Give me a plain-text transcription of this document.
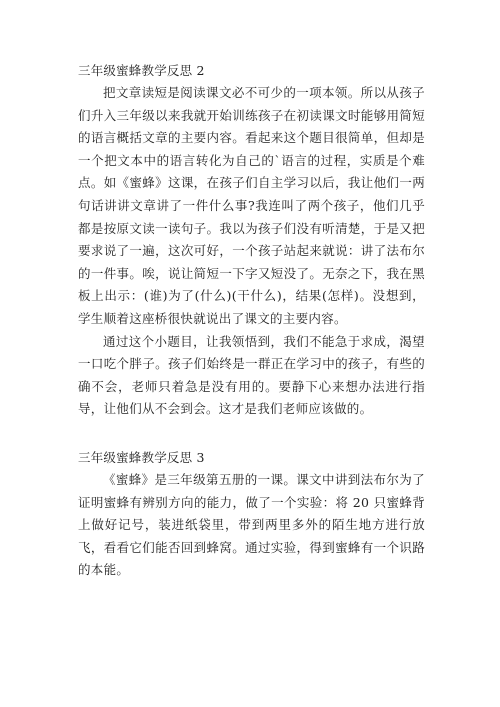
三年级蜜蜂教学反思 2

把文章读短是阅读课文必不可少的一项本领。所以从孩子们升入三年级以来我就开始训练孩子在初读课文时能够用简短的语言概括文章的主要内容。看起来这个题目很简单，但却是一个把文本中的语言转化为自己的`语言的过程，实质是个难点。如《蜜蜂》这课，在孩子们自主学习以后，我让他们一两句话讲讲文章讲了一件什么事?我连叫了两个孩子，他们几乎都是按原文读一读句子。我以为孩子们没有听清楚，于是又把要求说了一遍，这次可好，一个孩子站起来就说：讲了法布尔的一件事。唉，说让简短一下字又短没了。无奈之下，我在黑板上出示：(谁)为了(什么)(干什么)，结果(怎样)。没想到，学生顺着这座桥很快就说出了课文的主要内容。

通过这个小题目，让我领悟到，我们不能急于求成，渴望一口吃个胖子。孩子们始终是一群正在学习中的孩子，有些的确不会，老师只着急是没有用的。要静下心来想办法进行指导，让他们从不会到会。这才是我们老师应该做的。

三年级蜜蜂教学反思 3

《蜜蜂》是三年级第五册的一课。课文中讲到法布尔为了证明蜜蜂有辨别方向的能力，做了一个实验：将 20 只蜜蜂背上做好记号，装进纸袋里，带到两里多外的陌生地方进行放飞，看看它们能否回到蜂窝。通过实验，得到蜜蜂有一个识路的本能。
